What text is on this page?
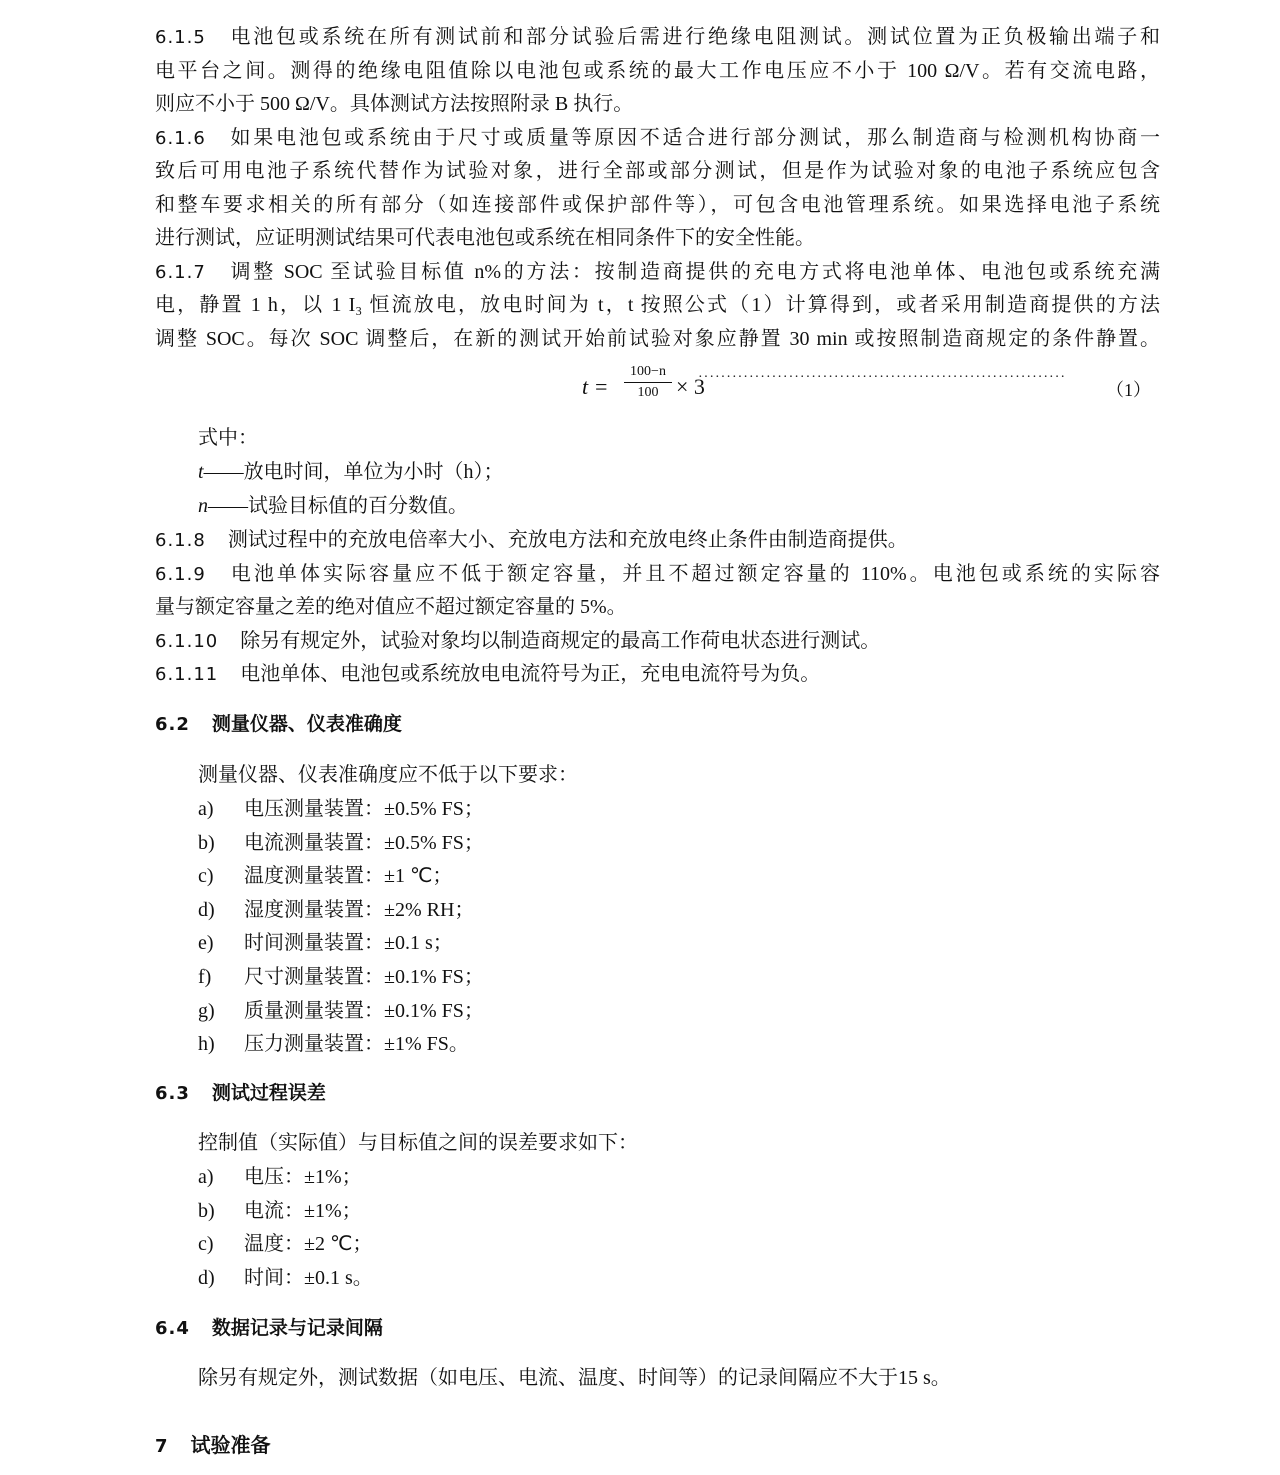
6.1.5 电池包或系统在所有测试前和部分试验后需进行绝缘电阻测试。测试位置为正负极输出端子和
电平台之间。测得的绝缘电阻值除以电池包或系统的最大工作电压应不小于 100 Ω/V。若有交流电路，
则应不小于 500 Ω/V。具体测试方法按照附录 B 执行。
6.1.6 如果电池包或系统由于尺寸或质量等原因不适合进行部分测试，那么制造商与检测机构协商一
致后可用电池子系统代替作为试验对象，进行全部或部分测试，但是作为试验对象的电池子系统应包含
和整车要求相关的所有部分（如连接部件或保护部件等），可包含电池管理系统。如果选择电池子系统
进行测试，应证明测试结果可代表电池包或系统在相同条件下的安全性能。
6.1.7 调整 SOC 至试验目标值 n%的方法：按制造商提供的充电方式将电池单体、电池包或系统充满
电，静置 1 h，以 1 I₃ 恒流放电，放电时间为 t，t 按照公式（1）计算得到，或者采用制造商提供的方法
调整 SOC。每次 SOC 调整后，在新的测试开始前试验对象应静置 30 min 或按照制造商规定的条件静置。
t =
100−n
100 × 3
·································································
（1）
式中：
t——放电时间，单位为小时（h）；
n——试验目标值的百分数值。
6.1.8 测试过程中的充放电倍率大小、充放电方法和充放电终止条件由制造商提供。
6.1.9 电池单体实际容量应不低于额定容量，并且不超过额定容量的 110%。电池包或系统的实际容
量与额定容量之差的绝对值应不超过额定容量的 5%。
6.1.10 除另有规定外，试验对象均以制造商规定的最高工作荷电状态进行测试。
6.1.11 电池单体、电池包或系统放电电流符号为正，充电电流符号为负。
6.2 测量仪器、仪表准确度
测量仪器、仪表准确度应不低于以下要求：
a) 电压测量装置：±0.5% FS；
b) 电流测量装置：±0.5% FS；
c) 温度测量装置：±1 ℃；
d) 湿度测量装置：±2% RH；
e) 时间测量装置：±0.1 s；
f) 尺寸测量装置：±0.1% FS；
g) 质量测量装置：±0.1% FS；
h) 压力测量装置：±1% FS。
6.3 测试过程误差
控制值（实际值）与目标值之间的误差要求如下：
a) 电压：±1%；
b) 电流：±1%；
c) 温度：±2 ℃；
d) 时间：±0.1 s。
6.4 数据记录与记录间隔
除另有规定外，测试数据（如电压、电流、温度、时间等）的记录间隔应不大于15 s。
7 试验准备
